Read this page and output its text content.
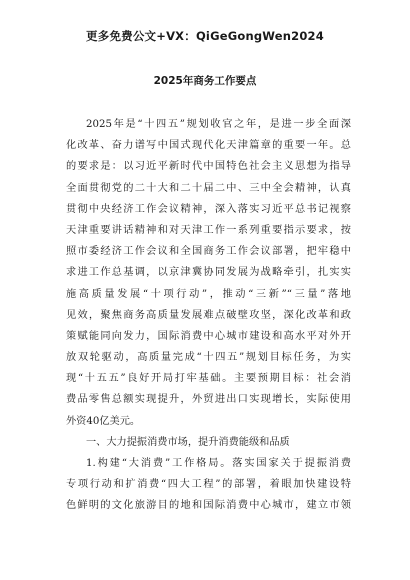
更多免费公文+VX：QiGeGongWen2024
2025年商务工作要点
2025年是“十四五”规划收官之年，是进一步全面深
化改革、奋力谱写中国式现代化天津篇章的重要一年。总
的要求是：以习近平新时代中国特色社会主义思想为指导
全面贯彻党的二十大和二十届二中、三中全会精神，认真
贯彻中央经济工作会议精神，深入落实习近平总书记视察
天津重要讲话精神和对天津工作一系列重要指示要求，按
照市委经济工作会议和全国商务工作会议部署，把牢稳中
求进工作总基调，以京津冀协同发展为战略牵引，扎实实
施高质量发展“十项行动”，推动“三新”“三量”落地
见效，聚焦商务高质量发展难点破壁攻坚，深化改革和政
策赋能同向发力，国际消费中心城市建设和高水平对外开
放双轮驱动，高质量完成“十四五”规划目标任务，为实
现“十五五”良好开局打牢基础。主要预期目标：社会消
费品零售总额实现提升，外贸进出口实现增长，实际使用
外资40亿美元。
一、大力提振消费市场，提升消费能级和品质
1.构建“大消费”工作格局。落实国家关于提振消费
专项行动和扩消费“四大工程”的部署，着眼加快建设特
色鲜明的文化旅游目的地和国际消费中心城市，建立市领
